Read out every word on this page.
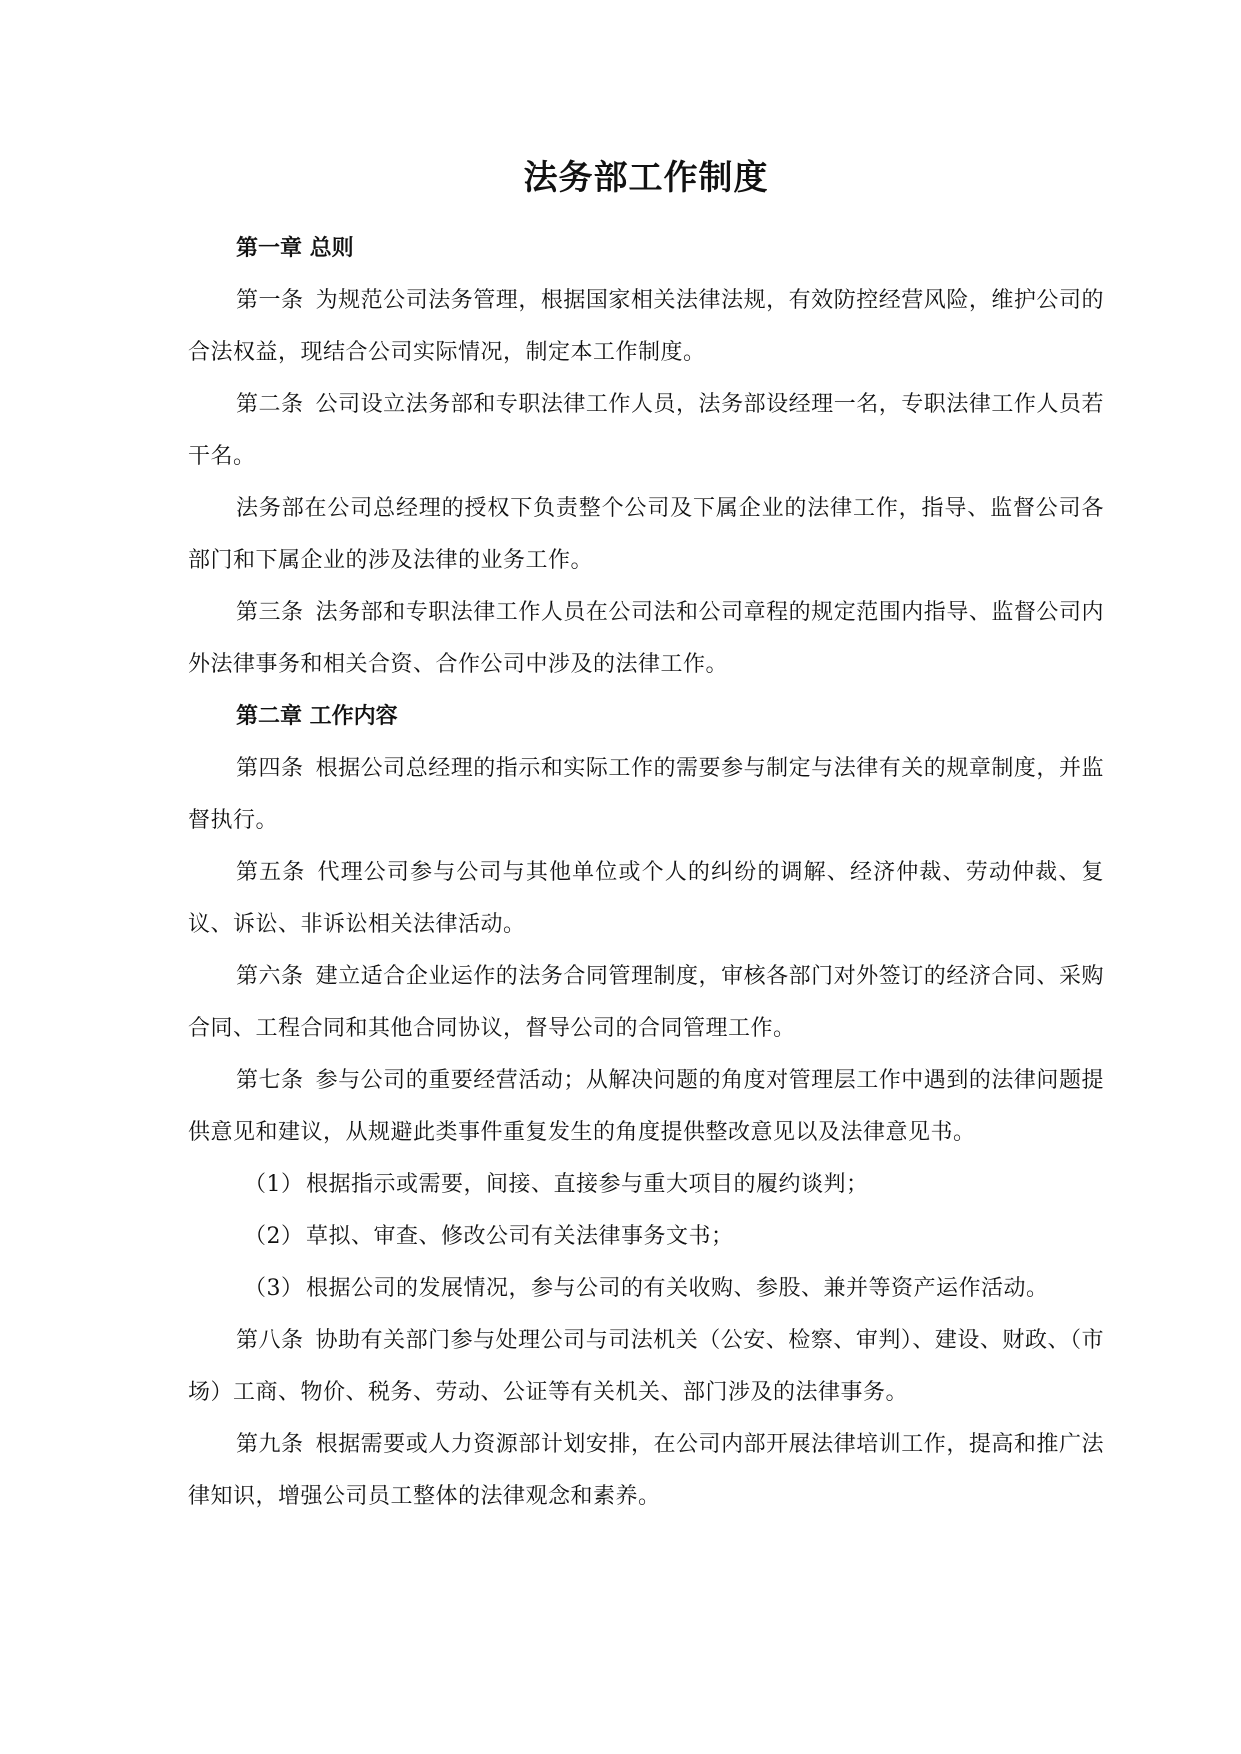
法务部工作制度

第一章 总则

第一条 为规范公司法务管理，根据国家相关法律法规，有效防控经营风险，维护公司的合法权益，现结合公司实际情况，制定本工作制度。

第二条 公司设立法务部和专职法律工作人员，法务部设经理一名，专职法律工作人员若干名。

法务部在公司总经理的授权下负责整个公司及下属企业的法律工作，指导、监督公司各部门和下属企业的涉及法律的业务工作。

第三条 法务部和专职法律工作人员在公司法和公司章程的规定范围内指导、监督公司内外法律事务和相关合资、合作公司中涉及的法律工作。

第二章 工作内容

第四条 根据公司总经理的指示和实际工作的需要参与制定与法律有关的规章制度，并监督执行。

第五条 代理公司参与公司与其他单位或个人的纠纷的调解、经济仲裁、劳动仲裁、复议、诉讼、非诉讼相关法律活动。

第六条 建立适合企业运作的法务合同管理制度，审核各部门对外签订的经济合同、采购合同、工程合同和其他合同协议，督导公司的合同管理工作。

第七条 参与公司的重要经营活动；从解决问题的角度对管理层工作中遇到的法律问题提供意见和建议，从规避此类事件重复发生的角度提供整改意见以及法律意见书。

（1） 根据指示或需要，间接、直接参与重大项目的履约谈判；

（2） 草拟、审查、修改公司有关法律事务文书；

（3） 根据公司的发展情况，参与公司的有关收购、参股、兼并等资产运作活动。

第八条 协助有关部门参与处理公司与司法机关（公安、检察、审判）、建设、财政、（市场）工商、物价、税务、劳动、公证等有关机关、部门涉及的法律事务。

第九条 根据需要或人力资源部计划安排，在公司内部开展法律培训工作，提高和推广法律知识，增强公司员工整体的法律观念和素养。
